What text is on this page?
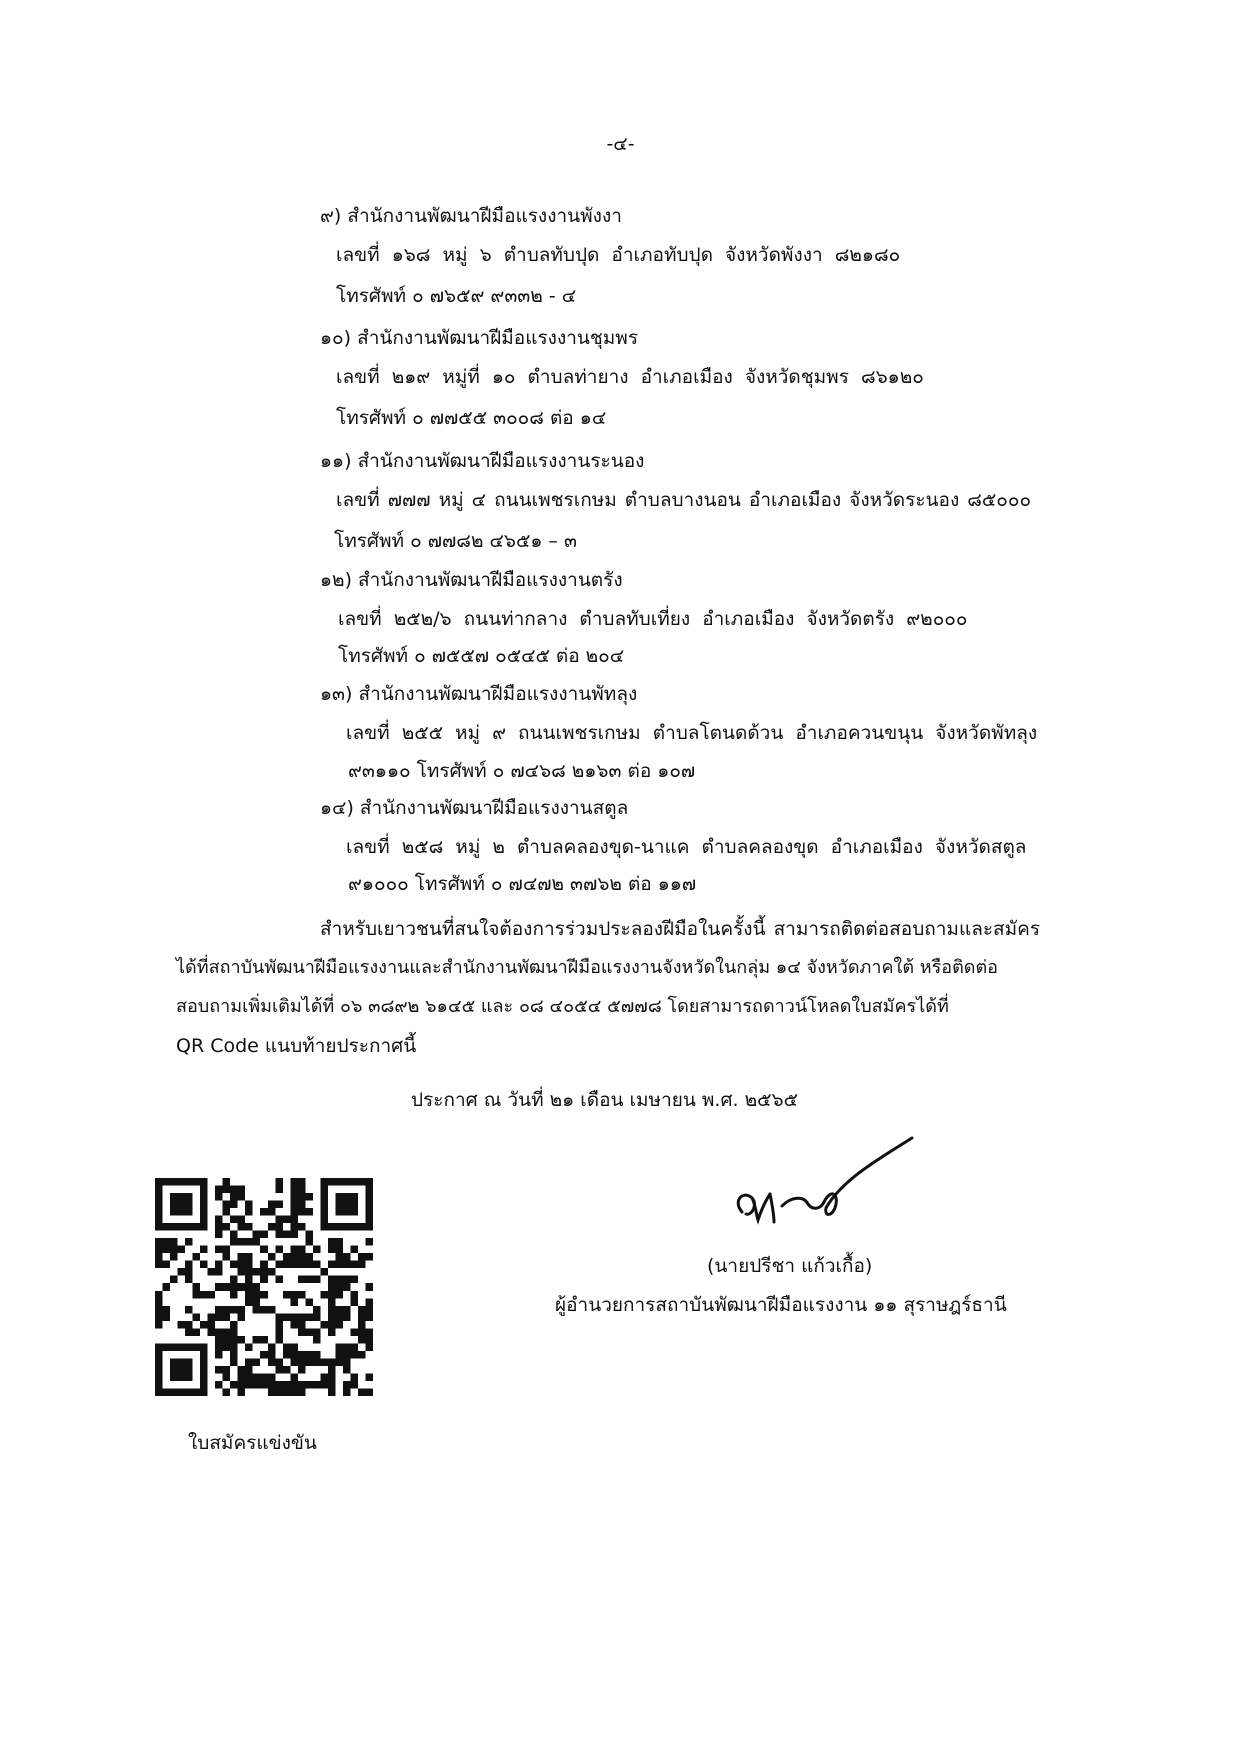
-๔-
๙) สำนักงานพัฒนาฝีมือแรงงานพังงา
เลขที่ ๑๖๘ หมู่ ๖ ตำบลทับปุด อำเภอทับปุด จังหวัดพังงา ๘๒๑๘๐
โทรศัพท์ ๐ ๗๖๕๙ ๙๓๓๒ - ๔
๑๐) สำนักงานพัฒนาฝีมือแรงงานชุมพร
เลขที่ ๒๑๙ หมู่ที่ ๑๐ ตำบลท่ายาง อำเภอเมือง จังหวัดชุมพร ๘๖๑๒๐
โทรศัพท์ ๐ ๗๗๕๕ ๓๐๐๘ ต่อ ๑๔
๑๑) สำนักงานพัฒนาฝีมือแรงงานระนอง
เลขที่ ๗๗๗ หมู่ ๔ ถนนเพชรเกษม ตำบลบางนอน อำเภอเมือง จังหวัดระนอง ๘๕๐๐๐
โทรศัพท์ ๐ ๗๗๘๒ ๔๖๕๑ – ๓
๑๒) สำนักงานพัฒนาฝีมือแรงงานตรัง
เลขที่ ๒๕๒/๖ ถนนท่ากลาง ตำบลทับเที่ยง อำเภอเมือง จังหวัดตรัง ๙๒๐๐๐
โทรศัพท์ ๐ ๗๕๕๗ ๐๕๔๕ ต่อ ๒๐๔
๑๓) สำนักงานพัฒนาฝีมือแรงงานพัทลุง
เลขที่ ๒๕๕ หมู่ ๙ ถนนเพชรเกษม ตำบลโตนดด้วน อำเภอควนขนุน จังหวัดพัทลุง
๙๓๑๑๐ โทรศัพท์ ๐ ๗๔๖๘ ๒๑๖๓ ต่อ ๑๐๗
๑๔) สำนักงานพัฒนาฝีมือแรงงานสตูล
เลขที่ ๒๕๘ หมู่ ๒ ตำบลคลองขุด-นาแค ตำบลคลองขุด อำเภอเมือง จังหวัดสตูล
๙๑๐๐๐ โทรศัพท์ ๐ ๗๔๗๒ ๓๗๖๒ ต่อ ๑๑๗
สำหรับเยาวชนที่สนใจต้องการร่วมประลองฝีมือในครั้งนี้ สามารถติดต่อสอบถามและสมัคร
ได้ที่สถาบันพัฒนาฝีมือแรงงานและสำนักงานพัฒนาฝีมือแรงงานจังหวัดในกลุ่ม ๑๔ จังหวัดภาคใต้ หรือติดต่อ
สอบถามเพิ่มเติมได้ที่ ๐๖ ๓๘๙๒ ๖๑๔๕ และ ๐๘ ๔๐๕๔ ๕๗๗๘ โดยสามารถดาวน์โหลดใบสมัครได้ที่
QR Code แนบท้ายประกาศนี้
ประกาศ ณ วันที่ ๒๑ เดือน เมษายน พ.ศ. ๒๕๖๕
(นายปรีชา แก้วเกื้อ)
ผู้อำนวยการสถาบันพัฒนาฝีมือแรงงาน ๑๑ สุราษฎร์ธานี
ใบสมัครแข่งขัน
